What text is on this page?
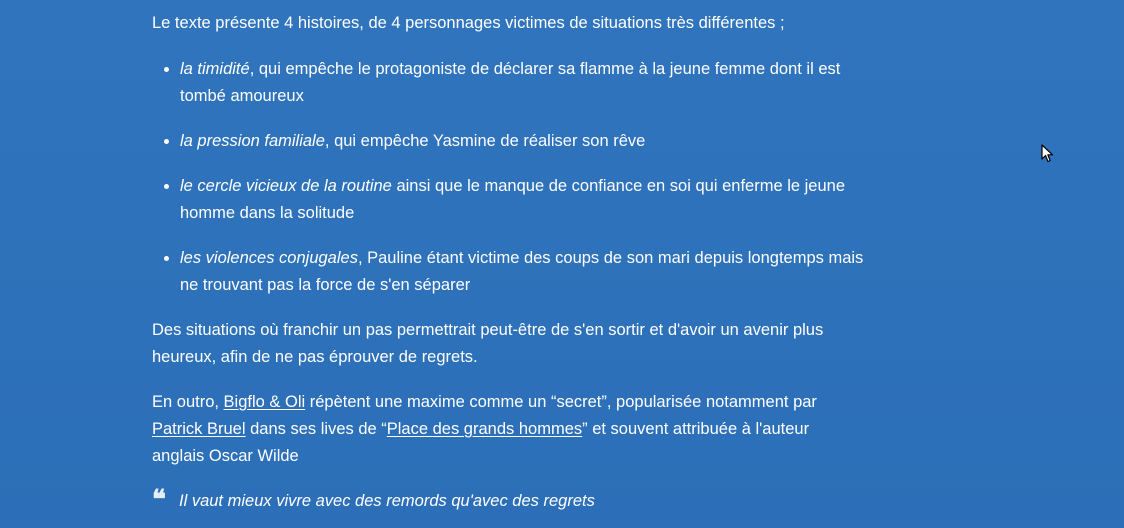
Le texte présente 4 histoires, de 4 personnages victimes de situations très différentes ;

la timidité, qui empêche le protagoniste de déclarer sa flamme à la jeune femme dont il est tombé amoureux
la pression familiale, qui empêche Yasmine de réaliser son rêve
le cercle vicieux de la routine ainsi que le manque de confiance en soi qui enferme le jeune homme dans la solitude
les violences conjugales, Pauline étant victime des coups de son mari depuis longtemps mais ne trouvant pas la force de s'en séparer

Des situations où franchir un pas permettrait peut-être de s'en sortir et d'avoir un avenir plus heureux, afin de ne pas éprouver de regrets.

En outro, Bigflo & Oli répètent une maxime comme un “secret”, popularisée notamment par Patrick Bruel dans ses lives de “Place des grands hommes” et souvent attribuée à l'auteur anglais Oscar Wilde

❝ Il vaut mieux vivre avec des remords qu'avec des regrets
